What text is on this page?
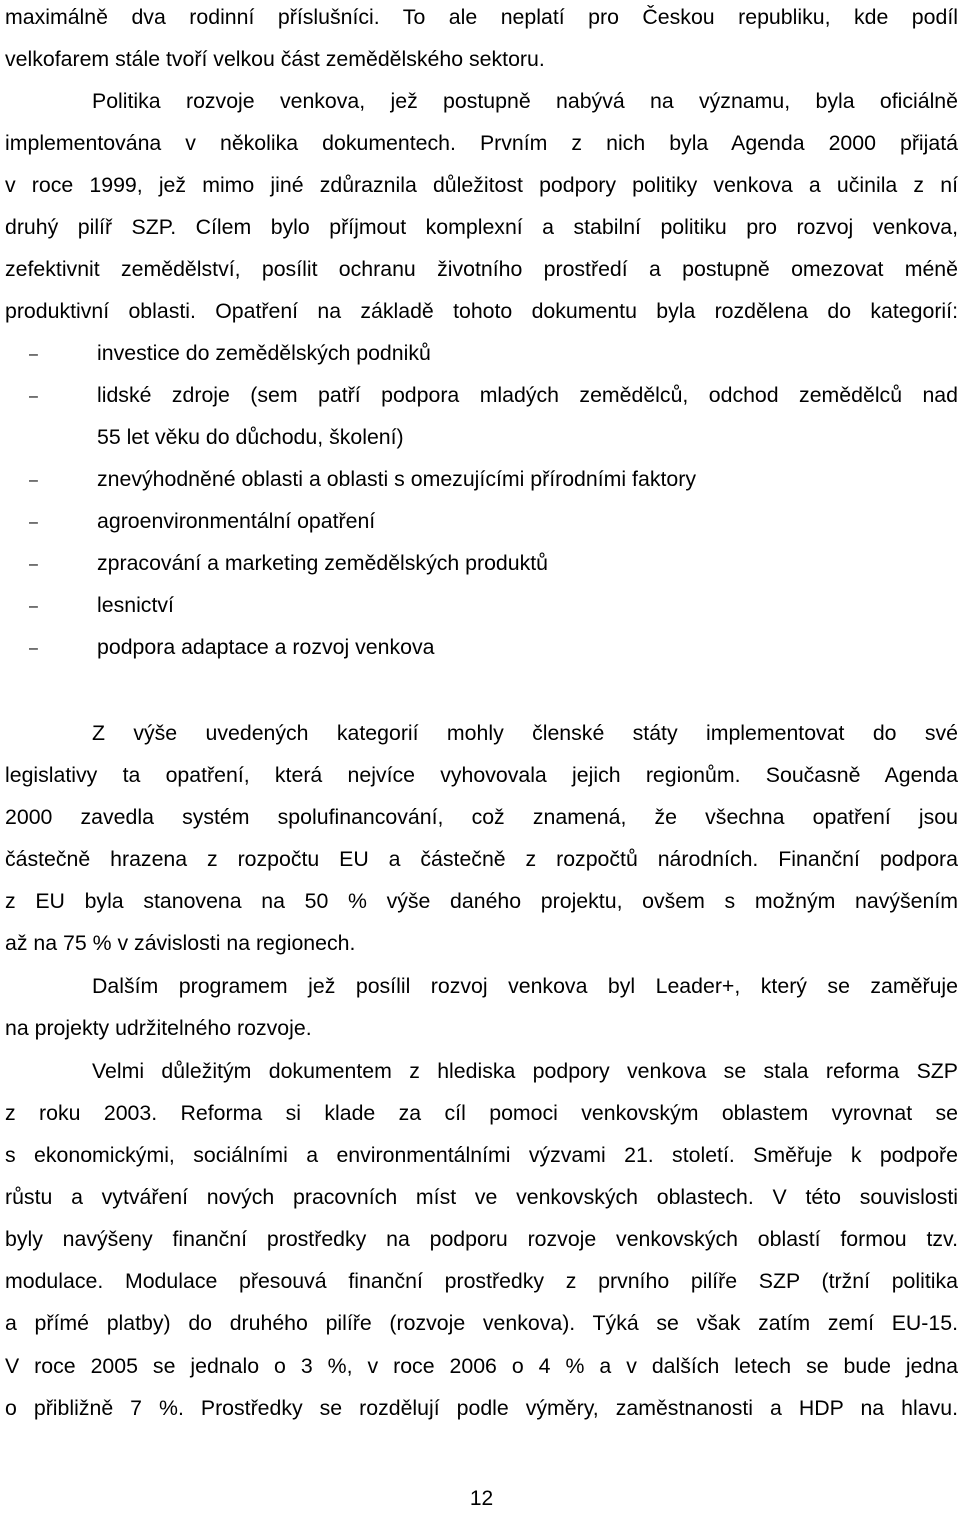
maximálně dva rodinní příslušníci. To ale neplatí pro Českou republiku, kde podíl
velkofarem stále tvoří velkou část zemědělského sektoru.
Politika rozvoje venkova, jež postupně nabývá na významu, byla oficiálně
implementována v několika dokumentech. Prvním z nich byla Agenda 2000 přijatá
v roce 1999, jež mimo jiné zdůraznila důležitost podpory politiky venkova a učinila z ní
druhý pilíř SZP. Cílem bylo příjmout komplexní a stabilní politiku pro rozvoj venkova,
zefektivnit zemědělství, posílit ochranu životního prostředí a postupně omezovat méně
produktivní oblasti. Opatření na základě tohoto dokumentu byla rozdělena do kategorií:
–	investice do zemědělských podniků
–	lidské zdroje (sem patří podpora mladých zemědělců, odchod zemědělců nad
55 let věku do důchodu, školení)
–	znevýhodněné oblasti a oblasti s omezujícími přírodními faktory
–	agroenvironmentální opatření
–	zpracování a marketing zemědělských produktů
–	lesnictví
–	podpora adaptace a rozvoj venkova
Z výše uvedených kategorií mohly členské státy implementovat do své
legislativy ta opatření, která nejvíce vyhovovala jejich regionům. Současně Agenda
2000 zavedla systém spolufinancování, což znamená, že všechna opatření jsou
částečně hrazena z rozpočtu EU a částečně z rozpočtů národních. Finanční podpora
z EU byla stanovena na 50 % výše daného projektu, ovšem s možným navýšením
až na 75 % v závislosti na regionech.
Dalším programem jež posílil rozvoj venkova byl Leader+, který se zaměřuje
na projekty udržitelného rozvoje.
Velmi důležitým dokumentem z hlediska podpory venkova se stala reforma SZP
z roku 2003. Reforma si klade za cíl pomoci venkovským oblastem vyrovnat se
s ekonomickými, sociálními a environmentálními výzvami 21. století. Směřuje k podpoře
růstu a vytváření nových pracovních míst ve venkovských oblastech. V této souvislosti
byly navýšeny finanční prostředky na podporu rozvoje venkovských oblastí formou tzv.
modulace. Modulace přesouvá finanční prostředky z prvního pilíře SZP (tržní politika
a přímé platby) do druhého pilíře (rozvoje venkova). Týká se však zatím zemí EU-15.
V roce 2005 se jednalo o 3 %, v roce 2006 o 4 % a v dalších letech se bude jedna
o přibližně 7 %. Prostředky se rozdělují podle výměry, zaměstnanosti a HDP na hlavu.
12
